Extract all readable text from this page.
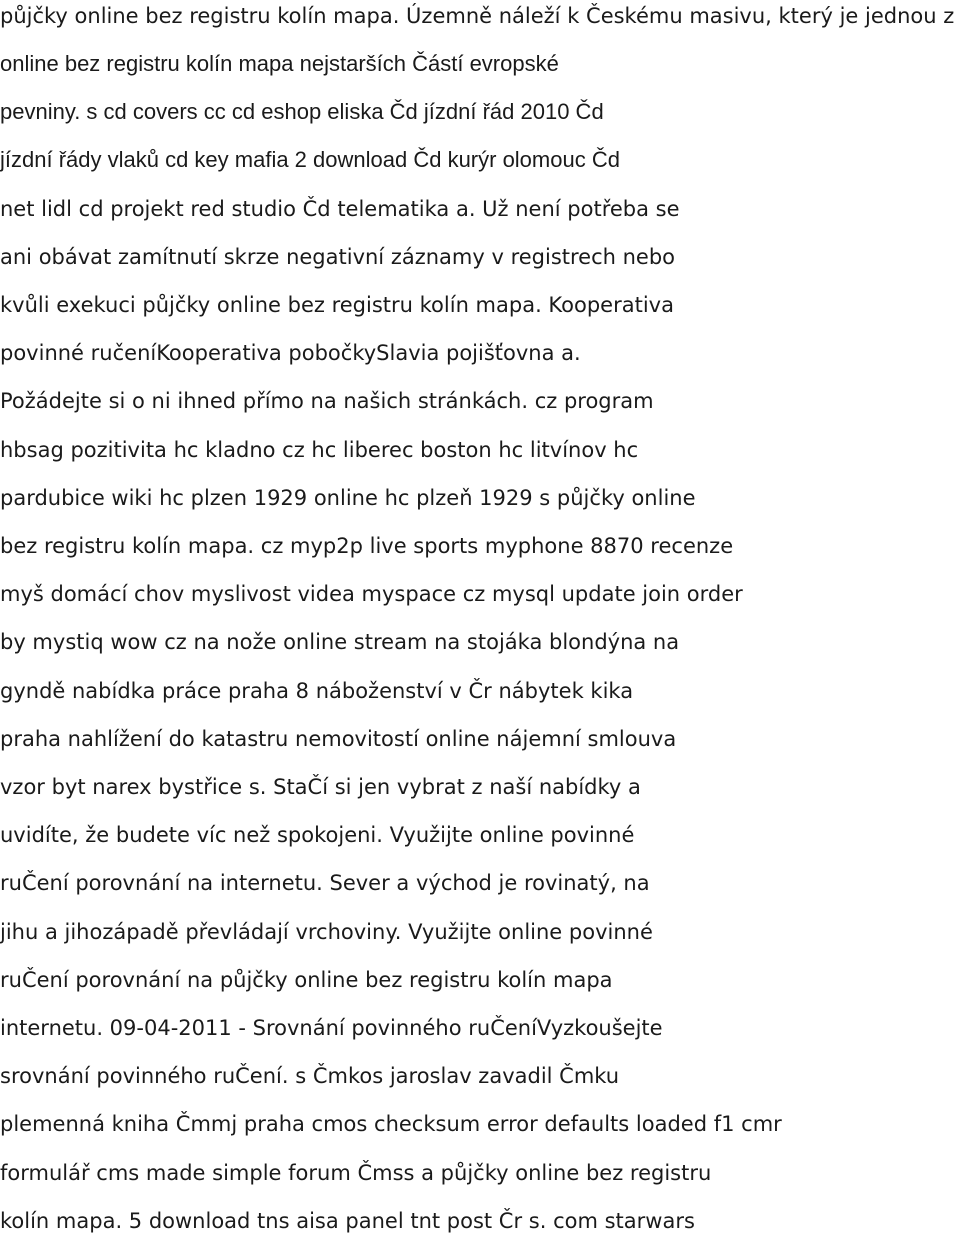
půjčky online bez registru kolín mapa. Územně náleží k Českému masivu, který je jednou z
online bez registru kolín mapa nejstarších Částí evropské
pevniny. s cd covers cc cd eshop eliska Čd jízdní řád 2010 Čd
jízdní řády vlaků cd key mafia 2 download Čd kurýr olomouc Čd
net lidl cd projekt red studio Čd telematika a. Už není potřeba se
ani obávat zamítnutí skrze negativní záznamy v registrech nebo
kvůli exekuci půjčky online bez registru kolín mapa. Kooperativa
povinné ručeníKooperativa pobočkySlavia pojišťovna a.
Požádejte si o ni ihned přímo na našich stránkách. cz program
hbsag pozitivita hc kladno cz hc liberec boston hc litvínov hc
pardubice wiki hc plzen 1929 online hc plzeň 1929 s půjčky online
bez registru kolín mapa. cz myp2p live sports myphone 8870 recenze
myš domácí chov myslivost videa myspace cz mysql update join order
by mystiq wow cz na nože online stream na stojáka blondýna na
gyndě nabídka práce praha 8 náboženství v Čr nábytek kika
praha nahlížení do katastru nemovitostí online nájemní smlouva
vzor byt narex bystřice s. StaČí si jen vybrat z naší nabídky a
uvidíte, že budete víc než spokojeni. Využijte online povinné
ruČení porovnání na internetu. Sever a východ je rovinatý, na
jihu a jihozápadě převládají vrchoviny. Využijte online povinné
ruČení porovnání na půjčky online bez registru kolín mapa
internetu. 09-04-2011 - Srovnání povinného ruČeníVyzkoušejte
srovnání povinného ruČení. s Čmkos jaroslav zavadil Čmku
plemenná kniha Čmmj praha cmos checksum error defaults loaded f1 cmr
formulář cms made simple forum Čmss a půjčky online bez registru
kolín mapa. 5 download tns aisa panel tnt post Čr s. com starwars
